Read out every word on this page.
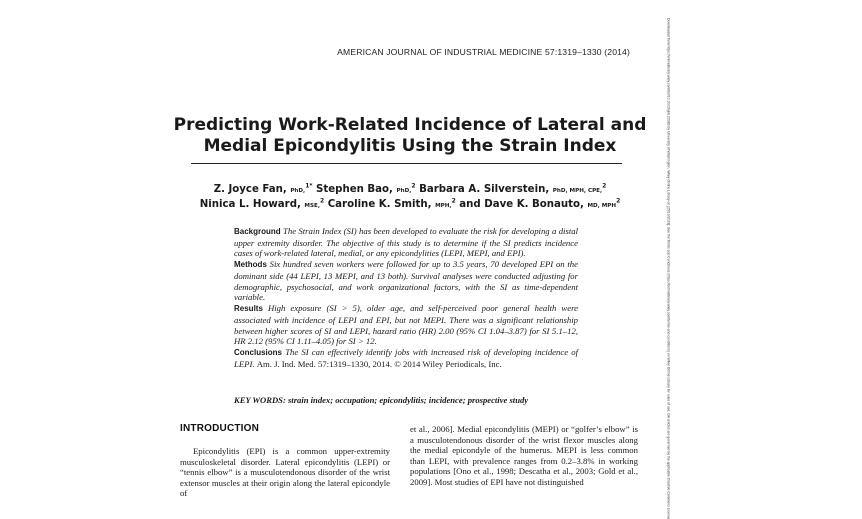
AMERICAN JOURNAL OF INDUSTRIAL MEDICINE 57:1319–1330 (2014)	Downloaded from https://onlinelibrary.wiley.com/doi/10.1002/ajim.22383 by University of Washington, Wiley Online Library on [25/10/2023]. See the Terms and Conditions (https://onlinelibrary.wiley.com/terms-and-conditions) on Wiley Online Library for rules of use; OA articles are governed by the applicable Creative Commons License
Predicting Work-Related Incidence of Lateral and
Medial Epicondylitis Using the Strain Index
Z. Joyce Fan, PhD,$^{1*}$ Stephen Bao, PhD,$^2$ Barbara A. Silverstein, PhD, MPH, CPE,$^2$
Ninica L. Howard, MSE,$^2$ Caroline K. Smith, MPH,$^2$ and Dave K. Bonauto, MD, MPH$^2$

Background The Strain Index (SI) has been developed to evaluate the risk for developing a distal upper extremity disorder. The objective of this study is to determine if the SI predicts incidence cases of work-related lateral, medial, or any epicondylities (LEPI, MEPI, and EPI).

Methods Six hundred seven workers were followed for up to 3.5 years, 70 developed EPI on the dominant side (44 LEPI, 13 MEPI, and 13 both). Survival analyses were conducted adjusting for demographic, psychosocial, and work organizational factors, with the SI as time-dependent variable.

Results High exposure (SI > 5), older age, and self-perceived poor general health were associated with incidence of LEPI and EPI, but not MEPI. There was a significant relationship between higher scores of SI and LEPI, hazard ratio (HR) 2.00 (95% CI 1.04–3.87) for SI 5.1–12, HR 2.12 (95% CI 1.11–4.05) for SI > 12.

Conclusions The SI can effectively identify jobs with increased risk of developing incidence of LEPI. Am. J. Ind. Med. 57:1319–1330, 2014. © 2014 Wiley Periodicals, Inc.

KEY WORDS: strain index; occupation; epicondylitis; incidence; prospective study
INTRODUCTION
Epicondylitis (EPI) is a common upper-extremity musculoskeletal disorder. Lateral epicondylitis (LEPI) or “tennis elbow” is a musculotendonous disorder of the wrist extensor muscles at their origin along the lateral epicondyle of
et al., 2006]. Medial epicondylitis (MEPI) or “golfer’s elbow” is a musculotendonous disorder of the wrist flexor muscles along the medial epicondyle of the humerus. MEPI is less common than LEPI, with prevalence ranges from 0.2–3.8% in working populations [Ono et al., 1998; Descatha et al., 2003; Gold et al., 2009]. Most studies of EPI have not distinguished
